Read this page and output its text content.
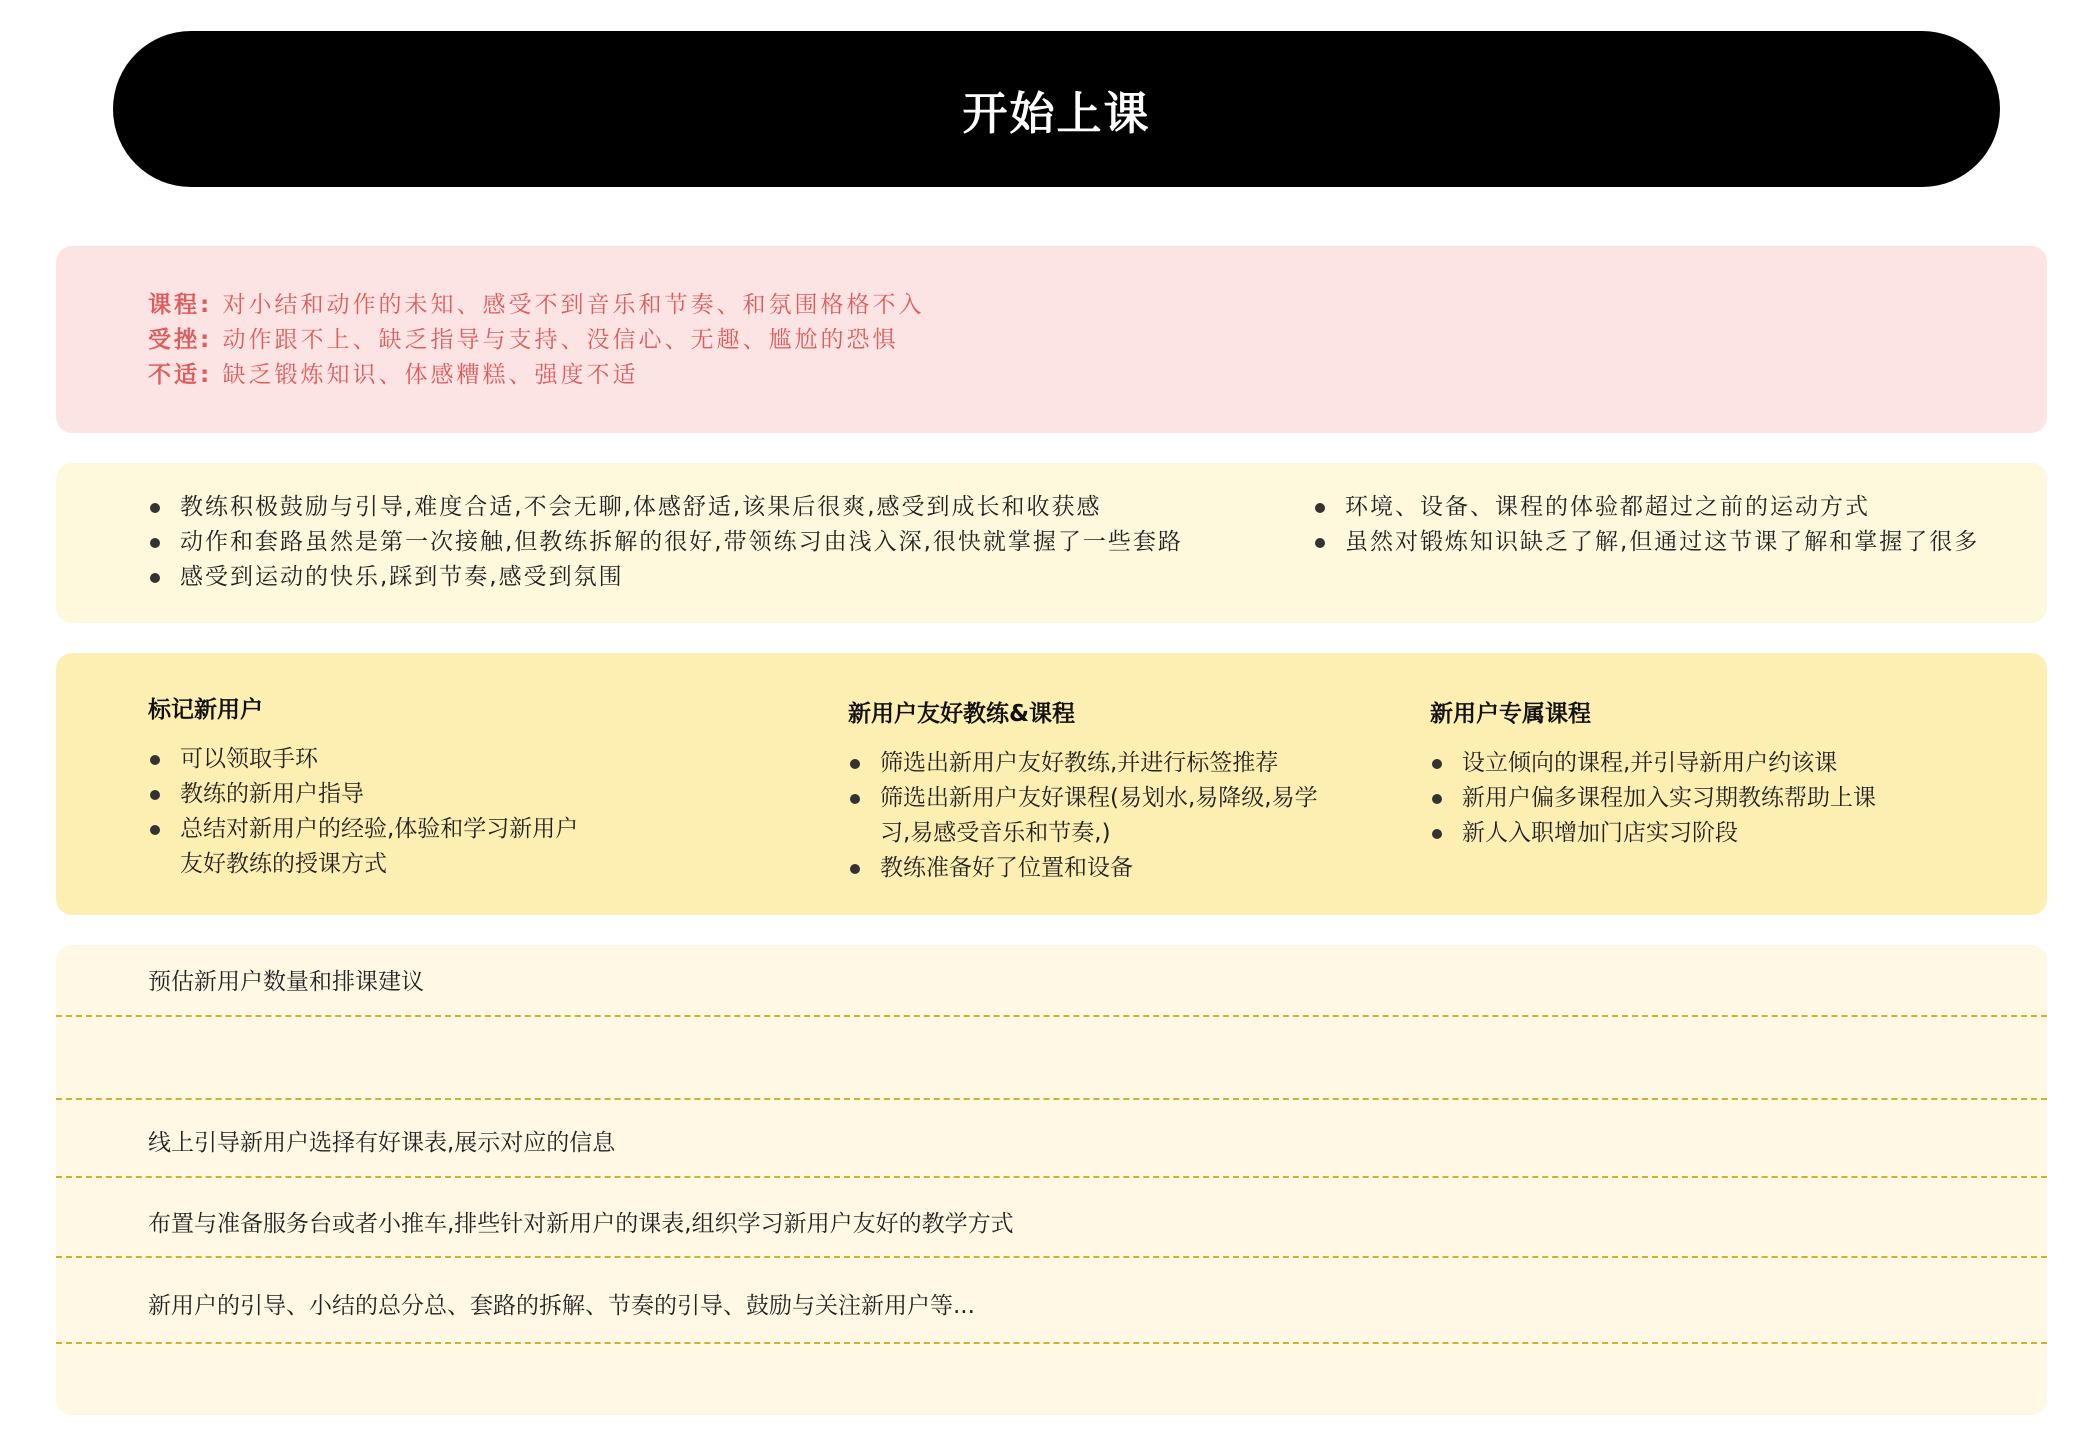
开始上课
课程: 对小结和动作的未知、感受不到音乐和节奏、和氛围格格不入
受挫: 动作跟不上、缺乏指导与支持、没信心、无趣、尴尬的恐惧
不适: 缺乏锻炼知识、体感糟糕、强度不适
教练积极鼓励与引导,难度合适,不会无聊,体感舒适,该果后很爽,感受到成长和收获感
动作和套路虽然是第一次接触,但教练拆解的很好,带领练习由浅入深,很快就掌握了一些套路
感受到运动的快乐,踩到节奏,感受到氛围
环境、设备、课程的体验都超过之前的运动方式
虽然对锻炼知识缺乏了解,但通过这节课了解和掌握了很多
标记新用户
可以领取手环
教练的新用户指导
总结对新用户的经验,体验和学习新用户友好教练的授课方式
新用户友好教练&课程
筛选出新用户友好教练,并进行标签推荐
筛选出新用户友好课程(易划水,易降级,易学习,易感受音乐和节奏,)
教练准备好了位置和设备
新用户专属课程
设立倾向的课程,并引导新用户约该课
新用户偏多课程加入实习期教练帮助上课
新人入职增加门店实习阶段
预估新用户数量和排课建议
线上引导新用户选择有好课表,展示对应的信息
布置与准备服务台或者小推车,排些针对新用户的课表,组织学习新用户友好的教学方式
新用户的引导、小结的总分总、套路的拆解、节奏的引导、鼓励与关注新用户等...
